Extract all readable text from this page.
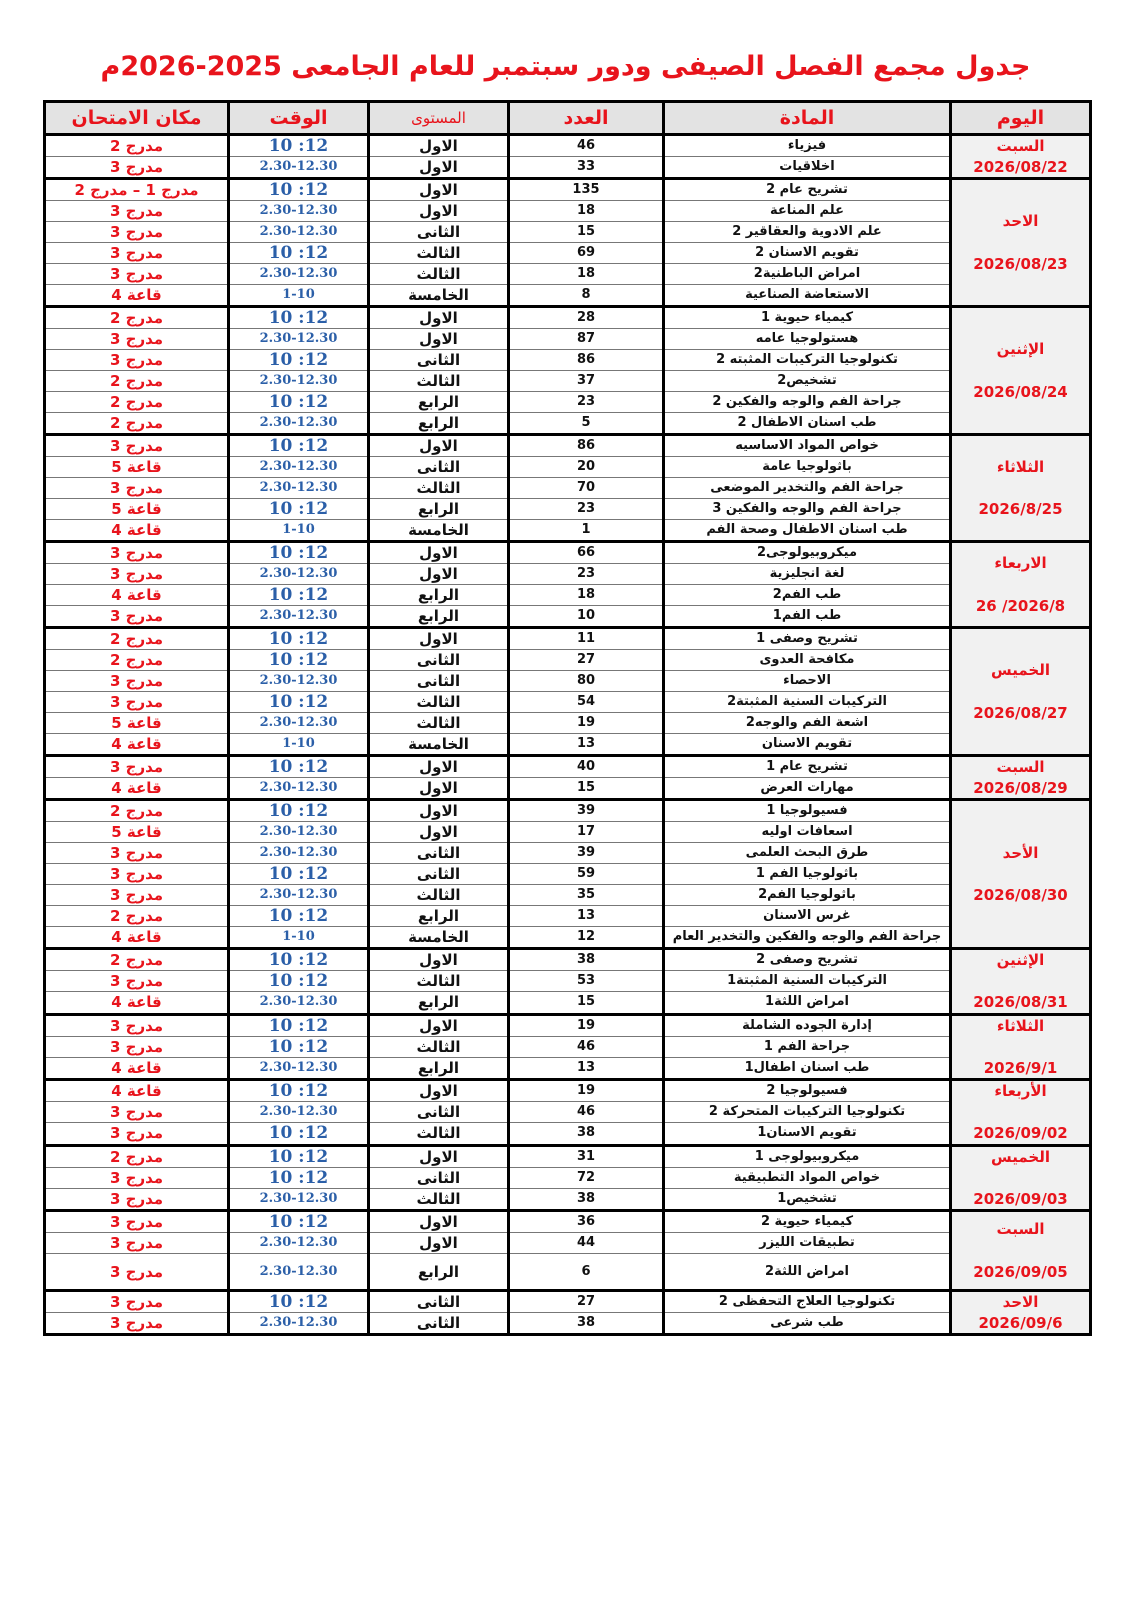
جدول مجمع الفصل الصيفى ودور سبتمبر للعام الجامعى 2025-2026م
اليوم	المادة	العدد	المستوى	الوقت	مكان الامتحان

السبت
2026/08/22	فيزياء	46	الاول	12: 10	مدرج 2
	اخلاقيات	33	الاول	2.30-12.30	مدرج 3

الاحد
2026/08/23	تشريح عام 2	135	الاول	12: 10	مدرج 1 – مدرج 2
	علم المناعة	18	الاول	2.30-12.30	مدرج 3
	علم الادوية والعقاقير 2	15	الثانى	2.30-12.30	مدرج 3
	تقويم الاسنان 2	69	الثالث	12: 10	مدرج 3
	امراض الباطنية2	18	الثالث	2.30-12.30	مدرج 3
	الاستعاضة الصناعية	8	الخامسة	1-10	قاعة 4

الإثنين
2026/08/24	كيمياء حيوية 1	28	الاول	12: 10	مدرج 2
	هستولوجيا عامه	87	الاول	2.30-12.30	مدرج 3
	تكنولوجيا التركيبات المثبته 2	86	الثانى	12: 10	مدرج 3
	تشخيص2	37	الثالث	2.30-12.30	مدرج 2
	جراحة الفم والوجه والفكين 2	23	الرابع	12: 10	مدرج 2
	طب اسنان الاطفال 2	5	الرابع	2.30-12.30	مدرج 2

الثلاثاء
2026/8/25	خواص المواد الاساسيه	86	الاول	12: 10	مدرج 3
	باثولوجيا عامة	20	الثانى	2.30-12.30	قاعة 5
	جراحة الفم والتخدير الموضعى	70	الثالث	2.30-12.30	مدرج 3
	جراحة الفم والوجه والفكين 3	23	الرابع	12: 10	قاعة 5
	طب اسنان الاطفال وصحة الفم	1	الخامسة	1-10	قاعة 4

الاربعاء
2026/8/ 26	ميكروبيولوجى2	66	الاول	12: 10	مدرج 3
	لغة انجليزية	23	الاول	2.30-12.30	مدرج 3
	طب الفم2	18	الرابع	12: 10	قاعة 4
	طب الفم1	10	الرابع	2.30-12.30	مدرج 3

الخميس
2026/08/27	تشريح وصفى 1	11	الاول	12: 10	مدرج 2
	مكافحة العدوى	27	الثانى	12: 10	مدرج 2
	الاحصاء	80	الثانى	2.30-12.30	مدرج 3
	التركيبات السنية المثبتة2	54	الثالث	12: 10	مدرج 3
	اشعة الفم والوجه2	19	الثالث	2.30-12.30	قاعة 5
	تقويم الاسنان	13	الخامسة	1-10	قاعة 4

السبت
2026/08/29	تشريح عام 1	40	الاول	12: 10	مدرج 3
	مهارات العرض	15	الاول	2.30-12.30	قاعة 4

الأحد
2026/08/30	فسيولوجيا 1	39	الاول	12: 10	مدرج 2
	اسعافات اوليه	17	الاول	2.30-12.30	قاعة 5
	طرق البحث العلمى	39	الثانى	2.30-12.30	مدرج 3
	باثولوجيا الفم 1	59	الثانى	12: 10	مدرج 3
	باثولوجيا الفم2	35	الثالث	2.30-12.30	مدرج 3
	غرس الاسنان	13	الرابع	12: 10	مدرج 2
	جراحة الفم والوجه والفكين والتخدير العام	12	الخامسة	1-10	قاعة 4

الإثنين
2026/08/31	تشريح وصفى 2	38	الاول	12: 10	مدرج 2
	التركيبات السنية المثبتة1	53	الثالث	12: 10	مدرج 3
	امراض اللثة1	15	الرابع	2.30-12.30	قاعة 4

الثلاثاء
2026/9/1	إدارة الجوده الشاملة	19	الاول	12: 10	مدرج 3
	جراحة الفم 1	46	الثالث	12: 10	مدرج 3
	طب اسنان اطفال1	13	الرابع	2.30-12.30	قاعة 4

الأربعاء
2026/09/02	فسيولوجيا 2	19	الاول	12: 10	قاعة 4
	تكنولوجيا التركيبات المتحركة 2	46	الثانى	2.30-12.30	مدرج 3
	تقويم الاسنان1	38	الثالث	12: 10	مدرج 3

الخميس
2026/09/03	ميكروبيولوجى 1	31	الاول	12: 10	مدرج 2
	خواص المواد التطبيقية	72	الثانى	12: 10	مدرج 3
	تشخيص1	38	الثالث	2.30-12.30	مدرج 3

السبت
2026/09/05	كيمياء حيوية 2	36	الاول	12: 10	مدرج 3
	تطبيقات الليزر	44	الاول	2.30-12.30	مدرج 3
	امراض اللثة2	6	الرابع	2.30-12.30	مدرج 3

الاحد
2026/09/6	تكنولوجيا العلاج التحفظى 2	27	الثانى	12: 10	مدرج 3
	طب شرعى	38	الثانى	2.30-12.30	مدرج 3
